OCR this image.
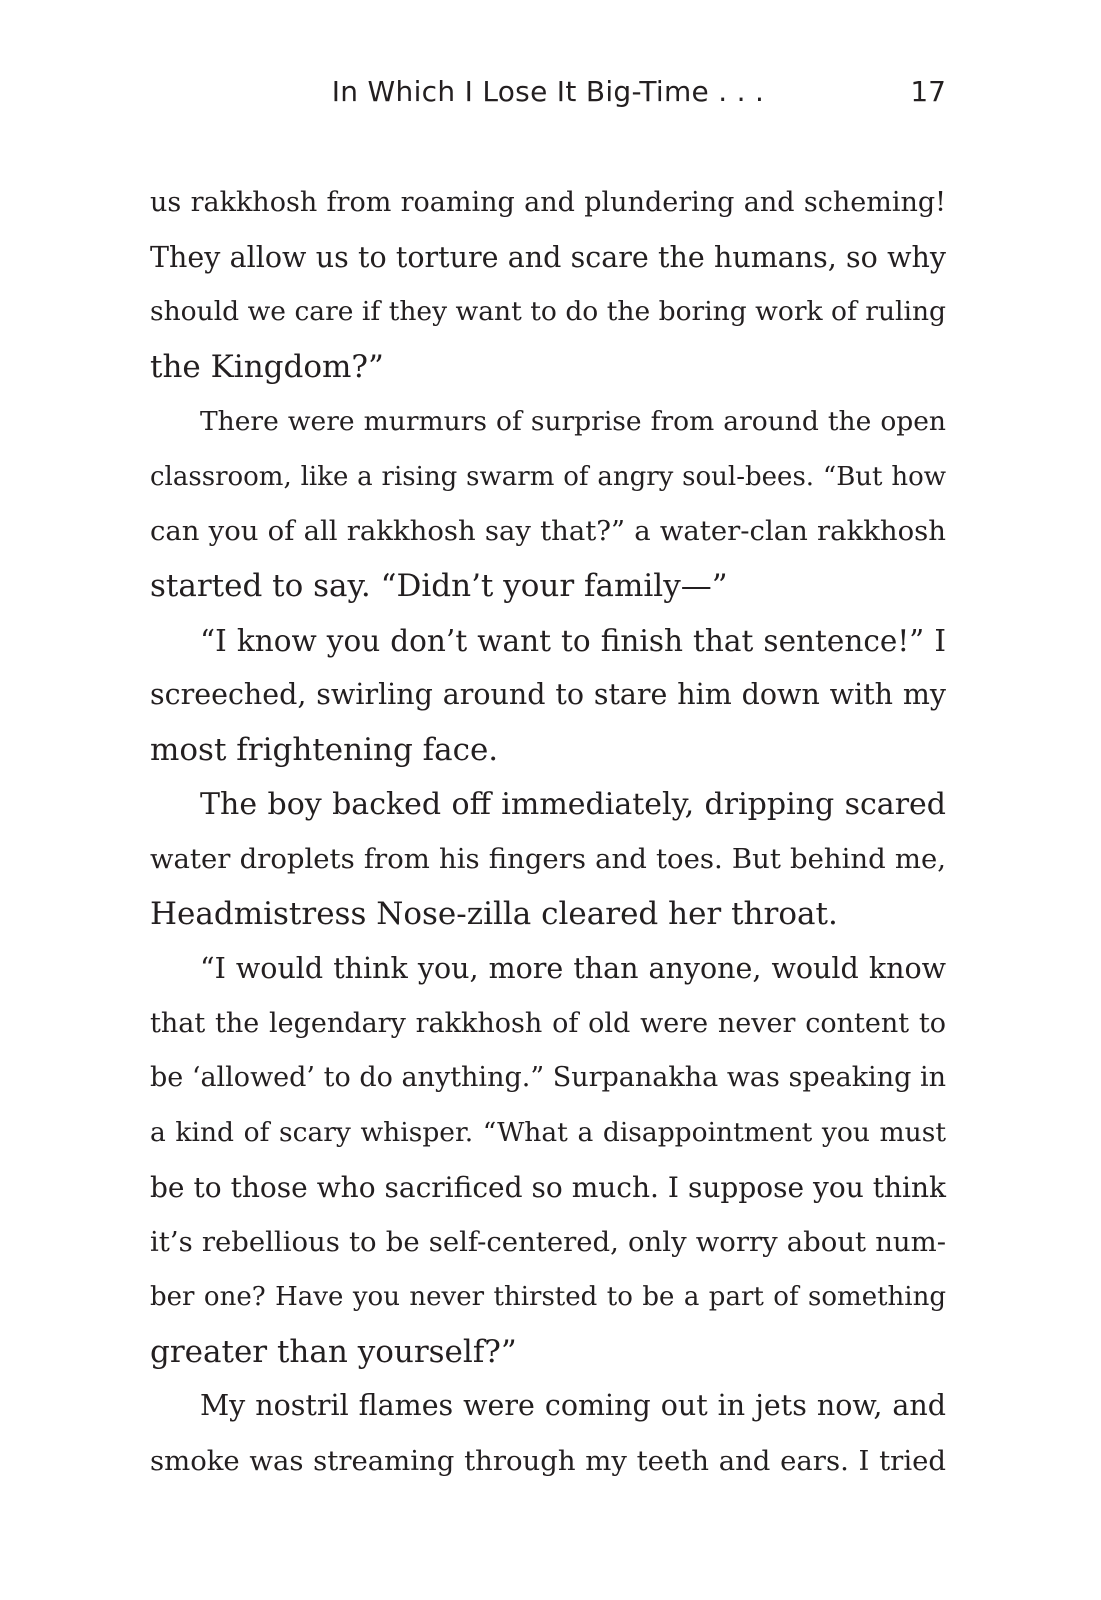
In Which I Lose It Big-Time . . .	17

us rakkhosh from roaming and plundering and scheming!

They allow us to torture and scare the humans, so why

should we care if they want to do the boring work of ruling

the Kingdom?”

There were murmurs of surprise from around the open

classroom, like a rising swarm of angry soul-bees. “But how

can you of all rakkhosh say that?” a water-clan rakkhosh

started to say. “Didn’t your family—”

“I know you don’t want to finish that sentence!” I

screeched, swirling around to stare him down with my

most frightening face.

The boy backed off immediately, dripping scared

water droplets from his fingers and toes. But behind me,

Headmistress Nose-zilla cleared her throat.

“I would think you, more than anyone, would know

that the legendary rakkhosh of old were never content to

be ‘allowed’ to do anything.” Surpanakha was speaking in

a kind of scary whisper. “What a disappointment you must

be to those who sacrificed so much. I suppose you think

it’s rebellious to be self-centered, only worry about num-

ber one? Have you never thirsted to be a part of something

greater than yourself?”

My nostril flames were coming out in jets now, and

smoke was streaming through my teeth and ears. I tried
